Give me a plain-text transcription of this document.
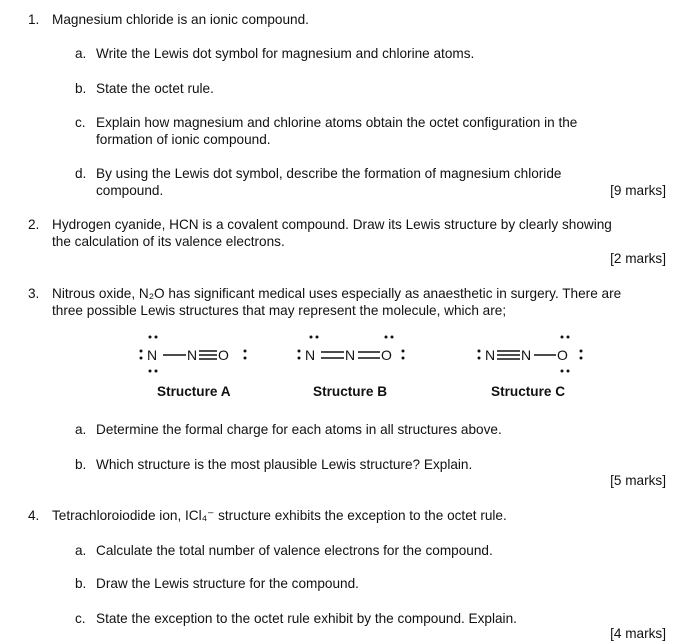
1. Magnesium chloride is an ionic compound.
a. Write the Lewis dot symbol for magnesium and chlorine atoms.
b. State the octet rule.
c. Explain how magnesium and chlorine atoms obtain the octet configuration in the
formation of ionic compound.
d. By using the Lewis dot symbol, describe the formation of magnesium chloride
compound.	[9 marks]
2. Hydrogen cyanide, HCN is a covalent compound. Draw its Lewis structure by clearly showing
the calculation of its valence electrons.
[2 marks]
3. Nitrous oxide, N₂O has significant medical uses especially as anaesthetic in surgery. There are
three possible Lewis structures that may represent the molecule, which are;
N N O	N N O	N N O
Structure A	Structure B	Structure C
a. Determine the formal charge for each atoms in all structures above.
b. Which structure is the most plausible Lewis structure? Explain.
[5 marks]
4. Tetrachloroiodide ion, ICl₄⁻ structure exhibits the exception to the octet rule.
a. Calculate the total number of valence electrons for the compound.
b. Draw the Lewis structure for the compound.
c. State the exception to the octet rule exhibit by the compound. Explain.
[4 marks]
